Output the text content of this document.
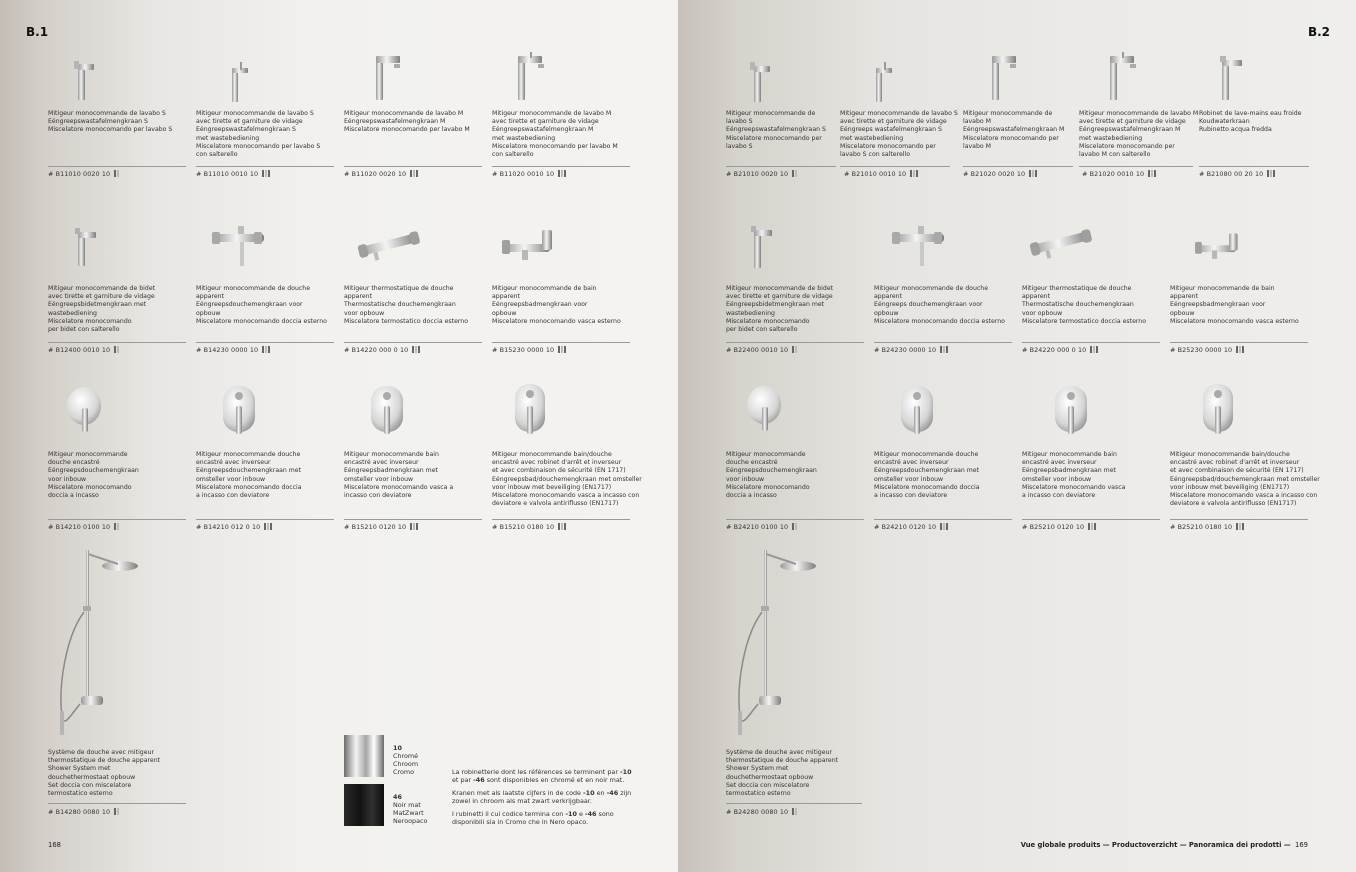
B.1
Mitigeur monocommande de lavabo S
Eéngreepswastafelmengkraan S
Miscelatore monocomando per lavabo S
# B11010 0020 10
Mitigeur monocommande de lavabo S
avec tirette et garniture de vidage
Eéngreepswastafelmengkraan S
met wastebediening
Miscelatore monocomando per lavabo S
con salterello
# B11010 0010 10
Mitigeur monocommande de lavabo M
Eéngreepswastafelmengkraan M
Miscelatore monocomando per lavabo M
# B11020 0020 10
Mitigeur monocommande de lavabo M
avec tirette et garniture de vidage
Eéngreepswastafelmengkraan M
met wastebediening
Miscelatore monocomando per lavabo M
con salterello
# B11020 0010 10
Mitigeur monocommande de bidet
avec tirette et garniture de vidage
Eéngreepsbidetmengkraan met
wastebediening
Miscelatore monocomando
per bidet con salterello
# B12400 0010 10
Mitigeur monocommande de douche
apparent
Eéngreepsdouchemengkraan voor
opbouw
Miscelatore monocomando doccia esterno
# B14230 0000 10
Mitigeur thermostatique de douche
apparent
Thermostatische douchemengkraan
voor opbouw
Miscelatore termostatico doccia esterno
# B14220 000 0 10
Mitigeur monocommande de bain
apparent
Eéngreepsbadmengkraan voor
opbouw
Miscelatore monocomando vasca esterno
# B15230 0000 10
Mitigeur monocommande
douche encastré
Eéngreepsdouchemengkraan
voor inbouw
Miscelatore monocomando
doccia a incasso
# B14210 0100 10
Mitigeur monocommande douche
encastré avec inverseur
Eéngreepsdouchemengkraan met
omsteller voor inbouw
Miscelatore monocomando doccia
a incasso con deviatore
# B14210 012 0 10
Mitigeur monocommande bain
encastré avec inverseur
Eéngreepsbadmengkraan met
omsteller voor inbouw
Miscelatore monocomando vasca a
incasso con deviatore
# B15210 0120 10
Mitigeur monocommande bain/douche
encastré avec robinet d'arrêt et inverseur
et avec combinaison de sécurité (EN 1717)
Eéngreepsbad/douchemengkraan met omsteller
voor inbouw met beveiliging (EN1717)
Miscelatore monocomando vasca a incasso con
deviatore e valvola antiriflusso (EN1717)
# B15210 0180 10
Système de douche avec mitigeur
thermostatique de douche apparent
Shower System met
douchethermostaat opbouw
Set doccia con miscelatore
termostatico esterno
# B14280 0080 10
10
Chromé
Chroom
Cromo
46
Noir mat
MatZwart
Neroopaco
La robinetterie dont les références se terminent par -10 et par -46 sont disponibles en chromé et en noir mat.
Kranen met als laatste cijfers in de code -10 en -46 zijn zowel in chroom als mat zwart verkrijgbaar.
I rubinetti il cui codice termina con -10 e -46 sono disponibili sia in Cromo che in Nero opaco.
168
B.2
Mitigeur monocommande de
lavabo S
Eéngreepswastafelmengkraan S
Miscelatore monocomando per
lavabo S
# B21010 0020 10
Mitigeur monocommande de lavabo S
avec tirette et garniture de vidage
Eéngreeps wastafelmengkraan S
met wastebediening
Miscelatore monocomando per
lavabo S con salterello
# B21010 0010 10
Mitigeur monocommande de
lavabo M
Eéngreepswastafelmengkraan M
Miscelatore monocomando per
lavabo M
# B21020 0020 10
Mitigeur monocommande de lavabo M
avec tirette et garniture de vidage
Eéngreepswastafelmengkraan M
met wastebediening
Miscelatore monocomando per
lavabo M con salterello
# B21020 0010 10
Robinet de lave-mains eau froide
Koudwaterkraan
Rubinetto acqua fredda
# B21080 00 20 10
Mitigeur monocommande de bidet
avec tirette et garniture de vidage
Eéngreepsbidetmengkraan met
wastebediening
Miscelatore monocomando
per bidet con salterello
# B22400 0010 10
Mitigeur monocommande de douche
apparent
Eéngreeps douchemengkraan voor
opbouw
Miscelatore monocomando doccia esterno
# B24230 0000 10
Mitigeur thermostatique de douche
apparent
Thermostatische douchemengkraan
voor opbouw
Miscelatore termostatico doccia esterno
# B24220 000 0 10
Mitigeur monocommande de bain
apparent
Eéngreepsbadmengkraan voor
opbouw
Miscelatore monocomando vasca esterno
# B25230 0000 10
Mitigeur monocommande
douche encastré
Eéngreepsdouchemengkraan
voor inbouw
Miscelatore monocomando
doccia a incasso
# B24210 0100 10
Mitigeur monocommande douche
encastré avec inverseur
Eéngreepsdouchemengkraan met
omsteller voor inbouw
Miscelatore monocomando doccia
a incasso con deviatore
# B24210 0120 10
Mitigeur monocommande bain
encastré avec inverseur
Eéngreepsbadmengkraan met
omsteller voor inbouw
Miscelatore monocomando vasca
a incasso con deviatore
# B25210 0120 10
Mitigeur monocommande bain/douche
encastré avec robinet d'arrêt et inverseur
et avec combinaison de sécurité (EN 1717)
Eéngreepsbad/douchemengkraan met omsteller
voor inbouw met beveiliging (EN1717)
Miscelatore monocomando vasca a incasso con
deviatore e valvola antiriflusso (EN1717)
# B25210 0180 10
Système de douche avec mitigeur
thermostatique de douche apparent
Shower System met
douchethermostaat opbouw
Set doccia con miscelatore
termostatico esterno
# B24280 0080 10
Vue globale produits — Productoverzicht — Panoramica dei prodotti — 169
